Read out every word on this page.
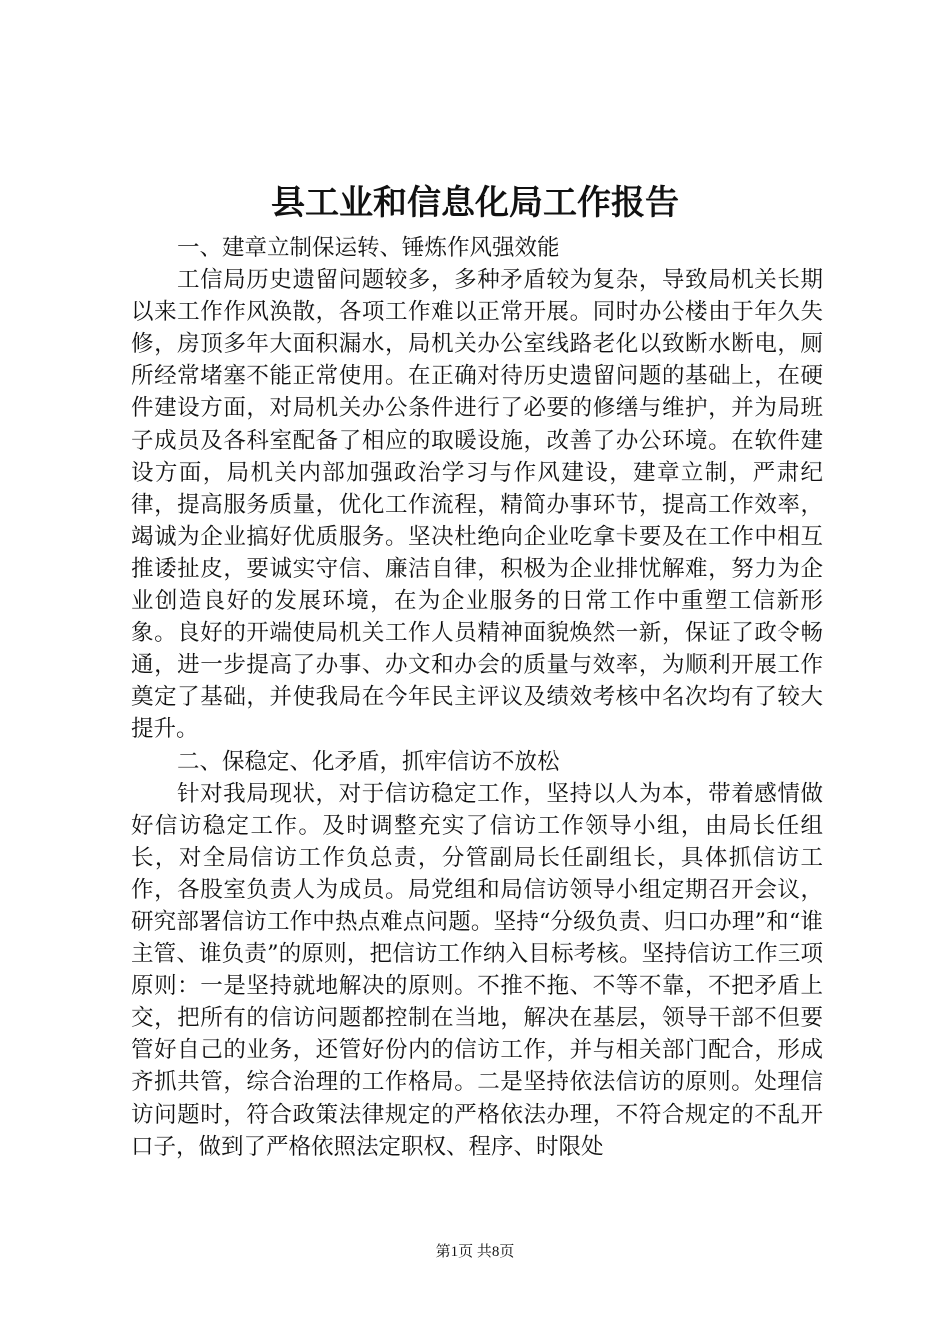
县工业和信息化局工作报告

一、建章立制保运转、锤炼作风强效能

工信局历史遗留问题较多，多种矛盾较为复杂，导致局机关长期以来工作作风涣散，各项工作难以正常开展。同时办公楼由于年久失修，房顶多年大面积漏水，局机关办公室线路老化以致断水断电，厕所经常堵塞不能正常使用。在正确对待历史遗留问题的基础上，在硬件建设方面，对局机关办公条件进行了必要的修缮与维护，并为局班子成员及各科室配备了相应的取暖设施，改善了办公环境。在软件建设方面，局机关内部加强政治学习与作风建设，建章立制，严肃纪律，提高服务质量，优化工作流程，精简办事环节，提高工作效率，竭诚为企业搞好优质服务。坚决杜绝向企业吃拿卡要及在工作中相互推诿扯皮，要诚实守信、廉洁自律，积极为企业排忧解难，努力为企业创造良好的发展环境，在为企业服务的日常工作中重塑工信新形象。良好的开端使局机关工作人员精神面貌焕然一新，保证了政令畅通，进一步提高了办事、办文和办会的质量与效率，为顺利开展工作奠定了基础，并使我局在今年民主评议及绩效考核中名次均有了较大提升。

二、保稳定、化矛盾，抓牢信访不放松

针对我局现状，对于信访稳定工作，坚持以人为本，带着感情做好信访稳定工作。及时调整充实了信访工作领导小组，由局长任组长，对全局信访工作负总责，分管副局长任副组长，具体抓信访工作，各股室负责人为成员。局党组和局信访领导小组定期召开会议，研究部署信访工作中热点难点问题。坚持“分级负责、归口办理”和“谁主管、谁负责”的原则，把信访工作纳入目标考核。坚持信访工作三项原则：一是坚持就地解决的原则。不推不拖、不等不靠，不把矛盾上交，把所有的信访问题都控制在当地，解决在基层，领导干部不但要管好自己的业务，还管好份内的信访工作，并与相关部门配合，形成齐抓共管，综合治理的工作格局。二是坚持依法信访的原则。处理信访问题时，符合政策法律规定的严格依法办理，不符合规定的不乱开口子，做到了严格依照法定职权、程序、时限处

第1页 共8页
